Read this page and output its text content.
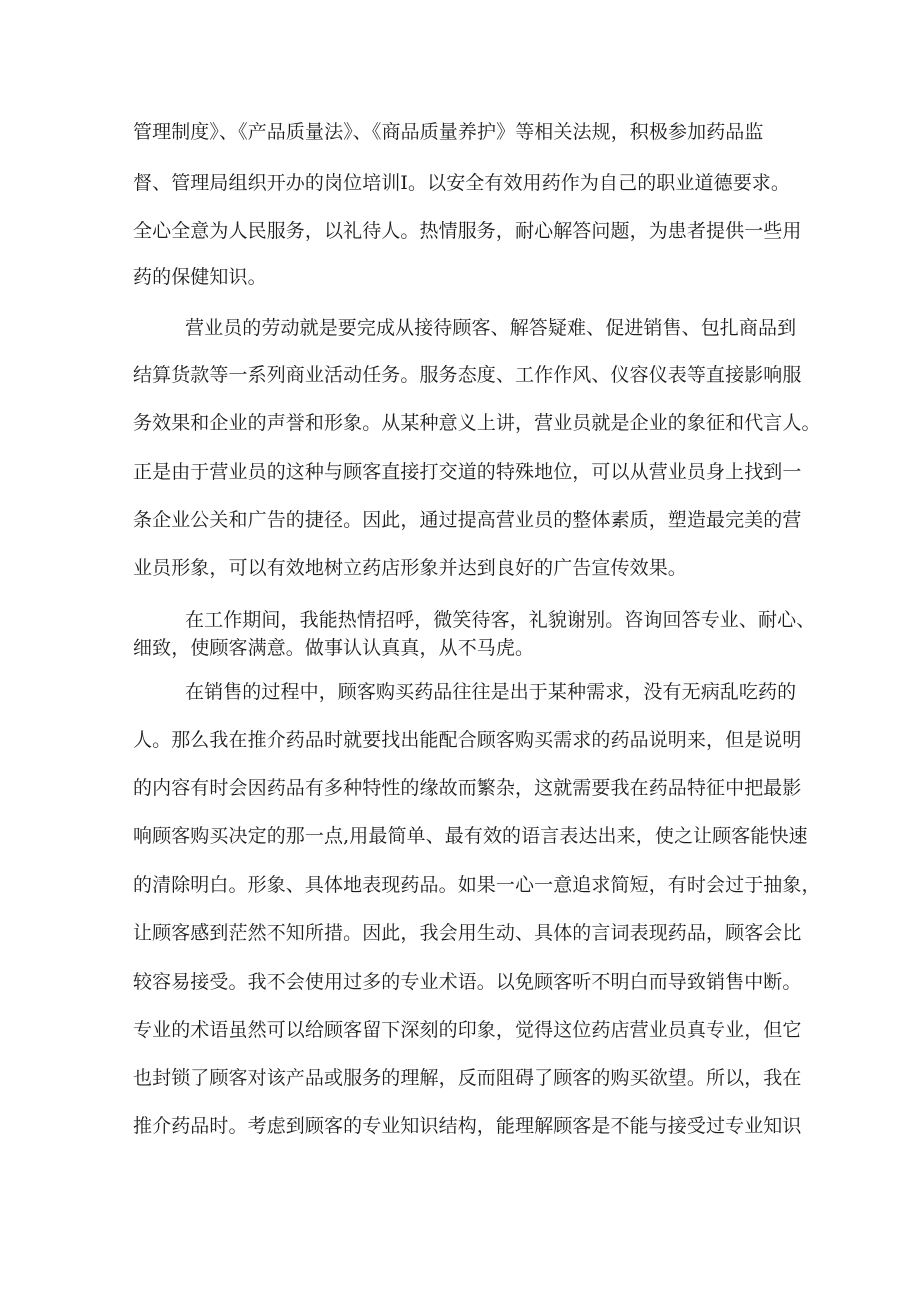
管理制度》、《产品质量法》、《商品质量养护》等相关法规，积极参加药品监
督、管理局组织开办的岗位培训Ⅰ。以安全有效用药作为自己的职业道德要求。
全心全意为人民服务，以礼待人。热情服务，耐心解答问题，为患者提供一些用
药的保健知识。
营业员的劳动就是要完成从接待顾客、解答疑难、促进销售、包扎商品到
结算货款等一系列商业活动任务。服务态度、工作作风、仪容仪表等直接影响服
务效果和企业的声誉和形象。从某种意义上讲，营业员就是企业的象征和代言人。
正是由于营业员的这种与顾客直接打交道的特殊地位，可以从营业员身上找到一
条企业公关和广告的捷径。因此，通过提高营业员的整体素质，塑造最完美的营
业员形象，可以有效地树立药店形象并达到良好的广告宣传效果。
在工作期间，我能热情招呼，微笑待客，礼貌谢别。咨询回答专业、耐心、
细致，使顾客满意。做事认认真真，从不马虎。
在销售的过程中，顾客购买药品往往是出于某种需求，没有无病乱吃药的
人。那么我在推介药品时就要找出能配合顾客购买需求的药品说明来，但是说明
的内容有时会因药品有多种特性的缘故而繁杂，这就需要我在药品特征中把最影
响顾客购买决定的那一点,用最简单、最有效的语言表达出来，使之让顾客能快速
的清除明白。形象、具体地表现药品。如果一心一意追求简短，有时会过于抽象，
让顾客感到茫然不知所措。因此，我会用生动、具体的言词表现药品，顾客会比
较容易接受。我不会使用过多的专业术语。以免顾客听不明白而导致销售中断。
专业的术语虽然可以给顾客留下深刻的印象，觉得这位药店营业员真专业，但它
也封锁了顾客对该产品或服务的理解，反而阻碍了顾客的购买欲望。所以，我在
推介药品时。考虑到顾客的专业知识结构，能理解顾客是不能与接受过专业知识
